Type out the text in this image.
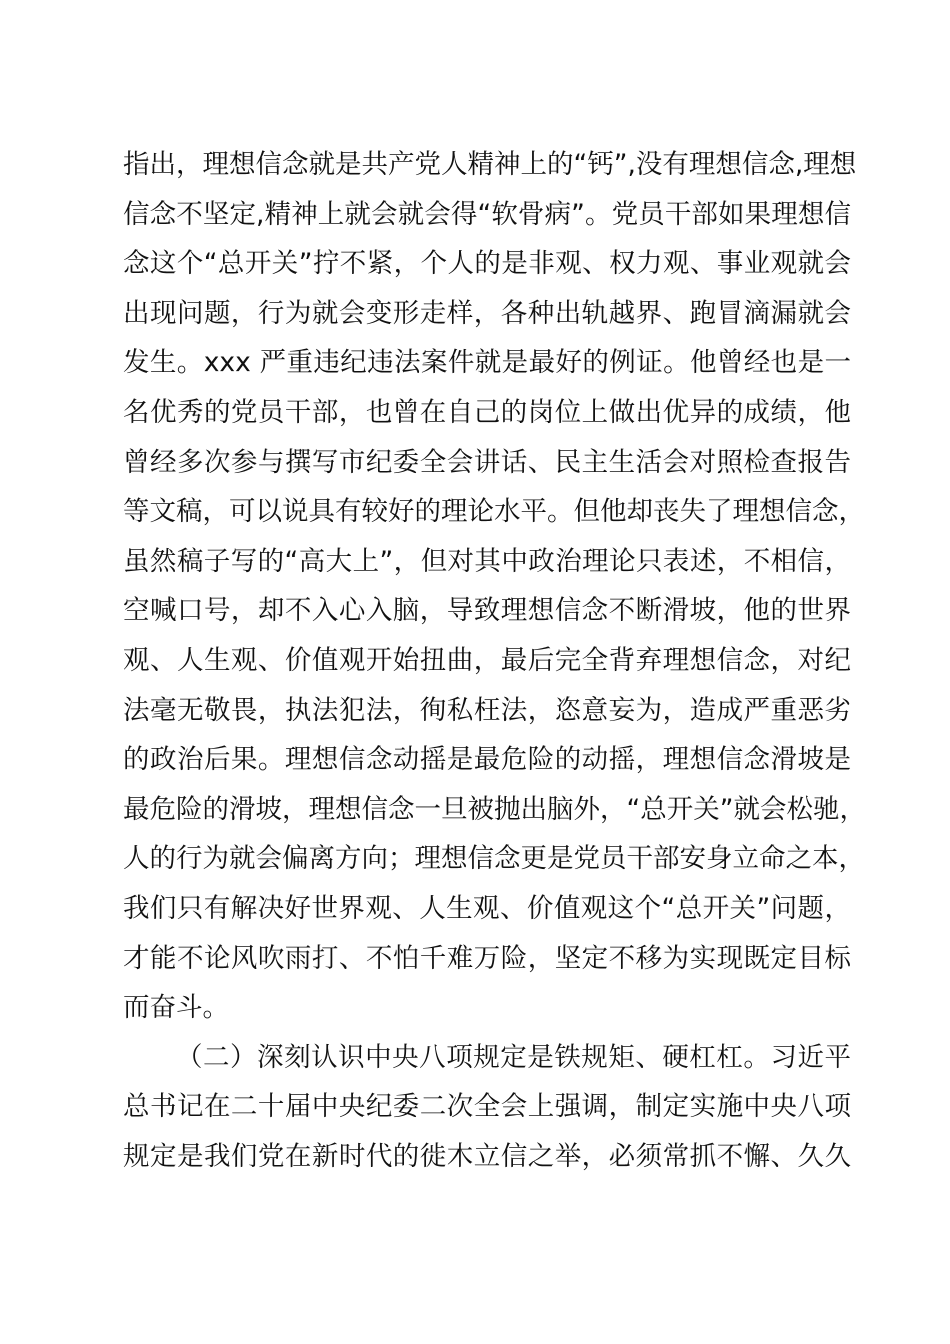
指出，理想信念就是共产党人精神上的“钙”,没有理想信念,理想
信念不坚定,精神上就会就会得“软骨病”。党员干部如果理想信
念这个“总开关”拧不紧，个人的是非观、权力观、事业观就会
出现问题，行为就会变形走样，各种出轨越界、跑冒滴漏就会
发生。xxx 严重违纪违法案件就是最好的例证。他曾经也是一
名优秀的党员干部，也曾在自己的岗位上做出优异的成绩，他
曾经多次参与撰写市纪委全会讲话、民主生活会对照检查报告
等文稿，可以说具有较好的理论水平。但他却丧失了理想信念，
虽然稿子写的“高大上”，但对其中政治理论只表述，不相信，
空喊口号，却不入心入脑，导致理想信念不断滑坡，他的世界
观、人生观、价值观开始扭曲，最后完全背弃理想信念，对纪
法毫无敬畏，执法犯法，徇私枉法，恣意妄为，造成严重恶劣
的政治后果。理想信念动摇是最危险的动摇，理想信念滑坡是
最危险的滑坡，理想信念一旦被抛出脑外，“总开关”就会松驰，
人的行为就会偏离方向；理想信念更是党员干部安身立命之本，
我们只有解决好世界观、人生观、价值观这个“总开关”问题，
才能不论风吹雨打、不怕千难万险，坚定不移为实现既定目标
而奋斗。
（二）深刻认识中央八项规定是铁规矩、硬杠杠。习近平
总书记在二十届中央纪委二次全会上强调，制定实施中央八项
规定是我们党在新时代的徙木立信之举，必须常抓不懈、久久
